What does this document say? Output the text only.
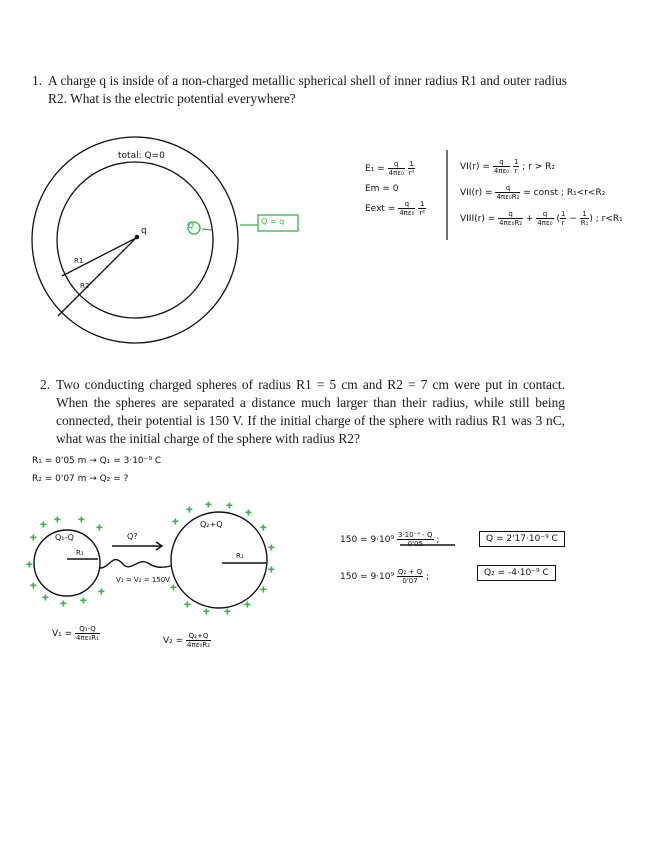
1. A charge q is inside of a non-charged metallic spherical shell of inner radius R1 and outer radius R2. What is the electric potential everywhere?
+
+
+ +
+
+
+
+
+ +
+
+
+
+ +
+
+
+
+
+
+
+
+
+
+
total: Q=0
q	Q	Q = q
R1
R2
$E_1 = \frac{q}{\text{4πε₀}}$
$\frac{1}{\text{r²}}$
Em = 0
Eext = $\frac{q}{\text{4πε₀}}$
$\frac{1}{\text{r²}}$
$VI(r) = \frac{q}{\text{4πε₀}}$
$\frac{1}{r}$ ; r > R₂
$VII(r) = \frac{q}{\text{4πε₀R₂}}$ = const ; R₁<r<R₂
VIII(r) = $\frac{q}{\text{4πε₀R₂}} + \frac{q}{\text{4πε₀}}$ ( $\frac{1}{r} - \frac{1}{\text{R₁}}$ ) ; r<R₁
2. Two conducting charged spheres of radius R1 = 5 cm and R2 = 7 cm were put in contact. When the spheres are separated a distance much larger than their radius, while still being connected, their potential is 150 V. If the initial charge of the sphere with radius R1 was 3 nC, what was the initial charge of the sphere with radius R2?
R₁ = 0'05 m → Q₁ = 3·10⁻⁹ C
R₂ = 0'07 m → Q₂ = ?
Q₁-Q
Q₂+Q
Q?
R₁	R₂
V₁ = V₂ = 150V
$V_1 = \frac{\text{Q₁-Q}}{\text{4πε₀R₁}}$	$V_2 = \frac{\text{Q₂+Q}}{\text{4πε₀R₂}}$
$150 = 9\cdot 10^9 \frac{\text{3·10⁻⁹ - Q}}{0'05}$ ;	Q = 2'17·10⁻⁹ C
$150 = 9\cdot 10^9 \frac{\text{Q₂ + Q}}{0'07}$ ;	Q₂ = -4·10⁻⁹ C
